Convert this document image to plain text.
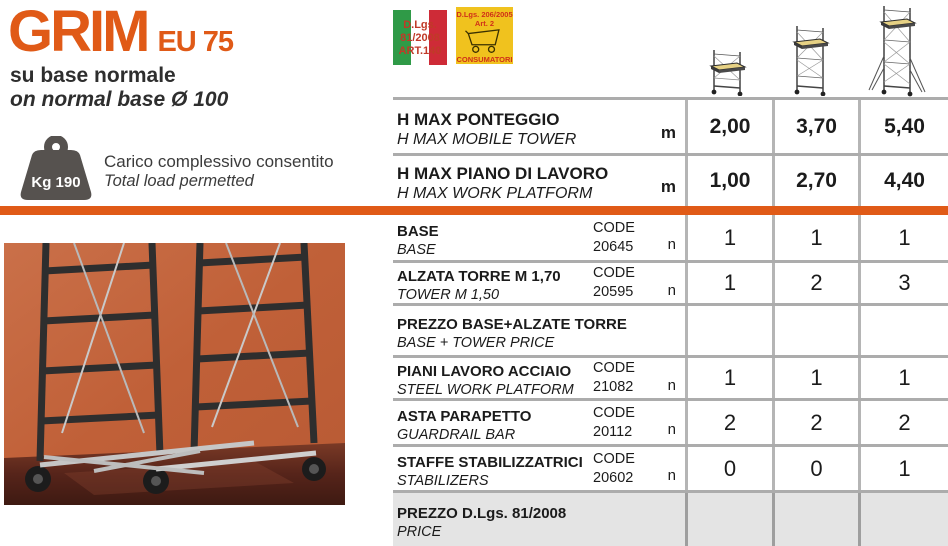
GRIM EU 75
su base normale
on normal base Ø 100
Kg 190
Carico complessivo consentito
Total load permetted
D.Lgs.
81/2008
ART.140
D.Lgs. 206/2005
Art. 2
CONSUMATORI
H MAX PONTEGGIO
H MAX MOBILE TOWER	m	2,00	3,70	5,40
H MAX PIANO DI LAVORO
H MAX WORK PLATFORM	m	1,00	2,70	4,40
BASE
BASE
CODE
20645	n	1	1	1
ALZATA TORRE M 1,70
TOWER M 1,50
CODE
20595	n	1	2	3
PREZZO BASE+ALZATE TORRE
BASE + TOWER PRICE
PIANI LAVORO ACCIAIO
STEEL WORK PLATFORM
CODE
21082	n	1	1	1
ASTA PARAPETTO
GUARDRAIL BAR
CODE
20112	n	2	2	2
STAFFE STABILIZZATRICI
STABILIZERS
CODE
20602	n	0	0	1
PREZZO D.Lgs. 81/2008
PRICE
